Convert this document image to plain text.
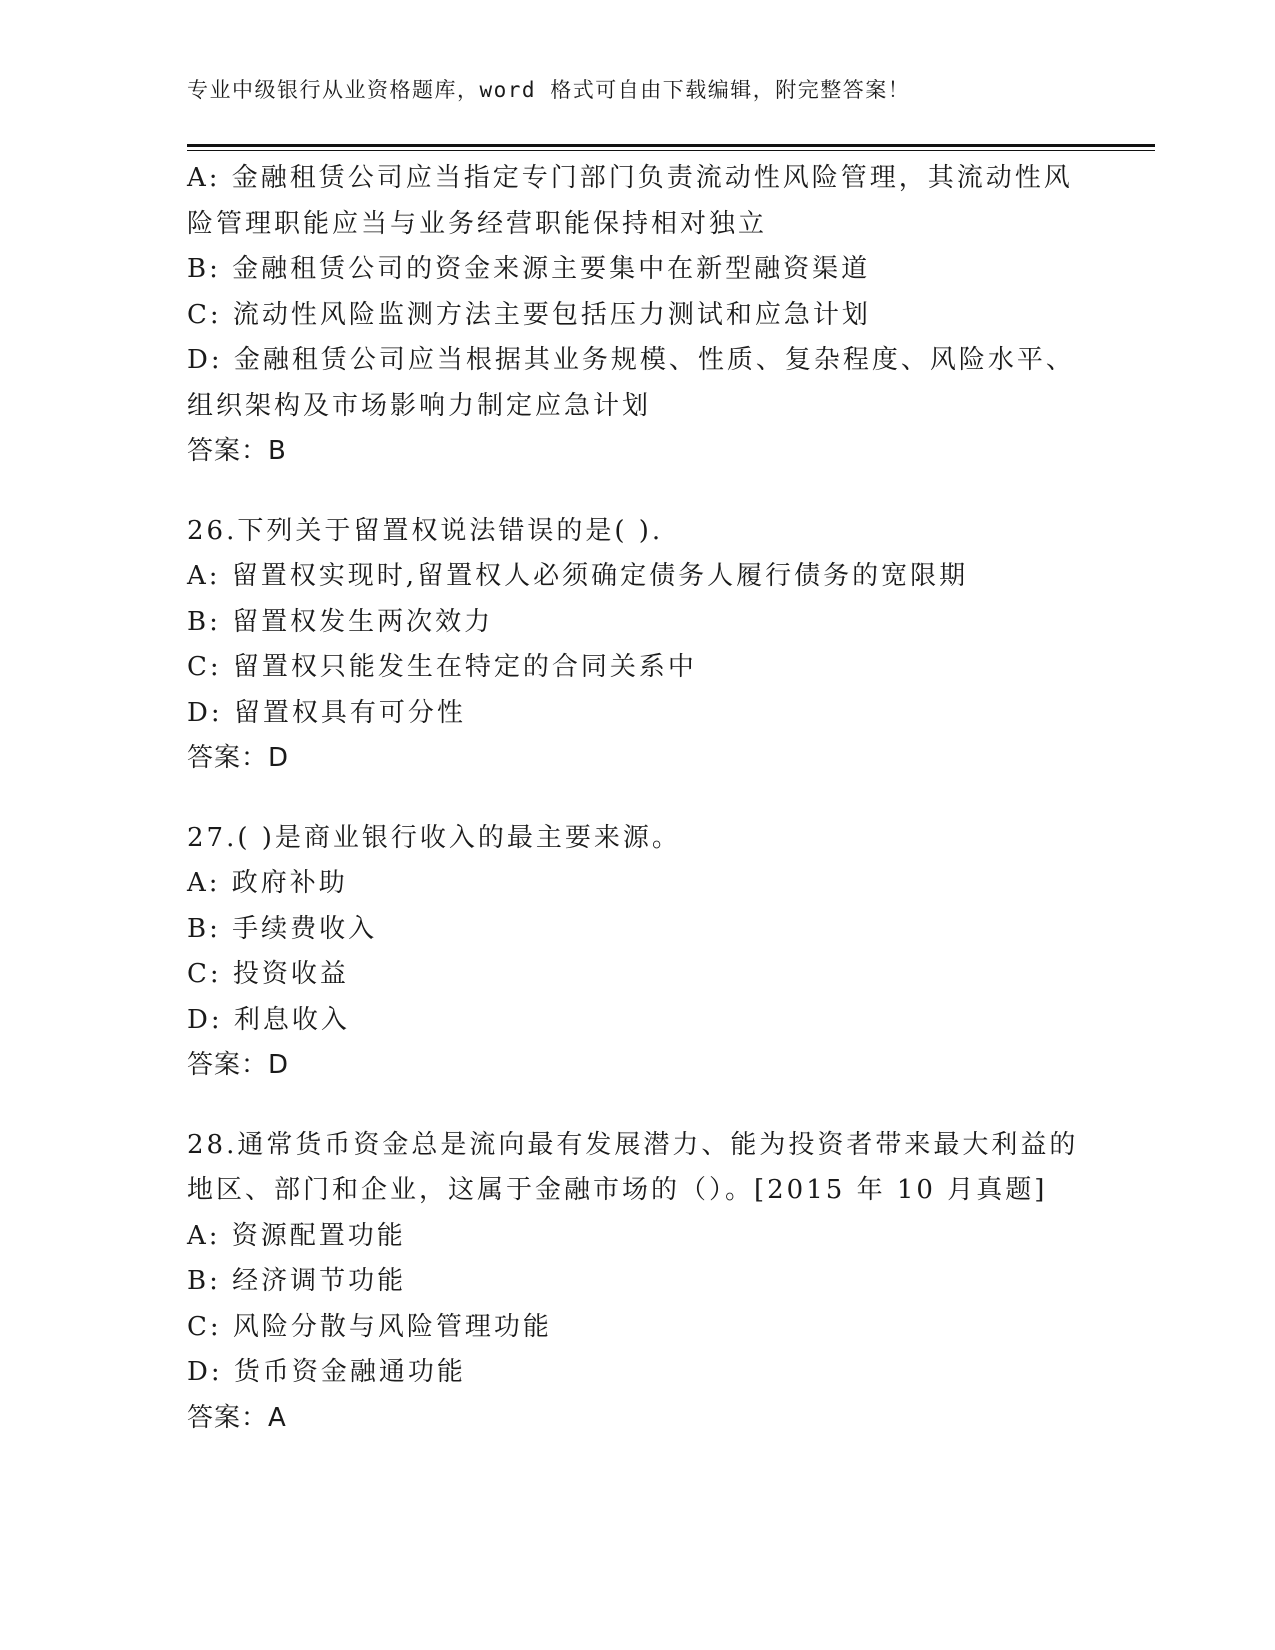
专业中级银行从业资格题库，word 格式可自由下载编辑，附完整答案！
A: 金融租赁公司应当指定专门部门负责流动性风险管理，其流动性风
险管理职能应当与业务经营职能保持相对独立
B: 金融租赁公司的资金来源主要集中在新型融资渠道
C: 流动性风险监测方法主要包括压力测试和应急计划
D: 金融租赁公司应当根据其业务规模、性质、复杂程度、风险水平、
组织架构及市场影响力制定应急计划
答案：B
26.下列关于留置权说法错误的是( ).
A: 留置权实现时,留置权人必须确定债务人履行债务的宽限期
B: 留置权发生两次效力
C: 留置权只能发生在特定的合同关系中
D: 留置权具有可分性
答案：D
27.( )是商业银行收入的最主要来源。
A: 政府补助
B: 手续费收入
C: 投资收益
D: 利息收入
答案：D
28.通常货币资金总是流向最有发展潜力、能为投资者带来最大利益的
地区、部门和企业，这属于金融市场的（）。[2015 年 10 月真题]
A: 资源配置功能
B: 经济调节功能
C: 风险分散与风险管理功能
D: 货币资金融通功能
答案：A
